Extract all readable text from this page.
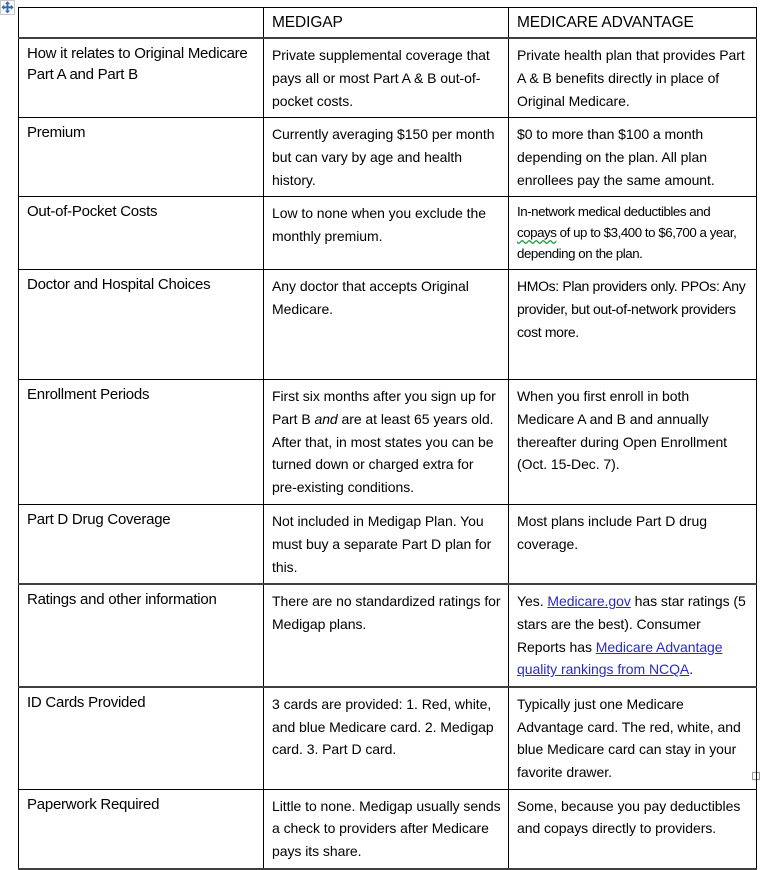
	MEDIGAP	MEDICARE ADVANTAGE
How it relates to Original Medicare Part A and Part B	Private supplemental coverage that pays all or most Part A & B out-of-pocket costs.	Private health plan that provides Part A & B benefits directly in place of Original Medicare.
Premium	Currently averaging $150 per month but can vary by age and health history.	$0 to more than $100 a month depending on the plan. All plan enrollees pay the same amount.
Out-of-Pocket Costs	Low to none when you exclude the monthly premium.	In-network medical deductibles and copays of up to $3,400 to $6,700 a year, depending on the plan.
Doctor and Hospital Choices	Any doctor that accepts Original Medicare.	HMOs: Plan providers only. PPOs: Any provider, but out-of-network providers cost more.
Enrollment Periods	First six months after you sign up for Part B and are at least 65 years old. After that, in most states you can be turned down or charged extra for pre-existing conditions.	When you first enroll in both Medicare A and B and annually thereafter during Open Enrollment (Oct. 15-Dec. 7).
Part D Drug Coverage	Not included in Medigap Plan. You must buy a separate Part D plan for this.	Most plans include Part D drug coverage.
Ratings and other information	There are no standardized ratings for Medigap plans.	Yes. Medicare.gov has star ratings (5 stars are the best). Consumer Reports has Medicare Advantage quality rankings from NCQA.
ID Cards Provided	3 cards are provided: 1. Red, white, and blue Medicare card. 2. Medigap card. 3. Part D card.	Typically just one Medicare Advantage card. The red, white, and blue Medicare card can stay in your favorite drawer.
Paperwork Required	Little to none. Medigap usually sends a check to providers after Medicare pays its share.	Some, because you pay deductibles and copays directly to providers.
